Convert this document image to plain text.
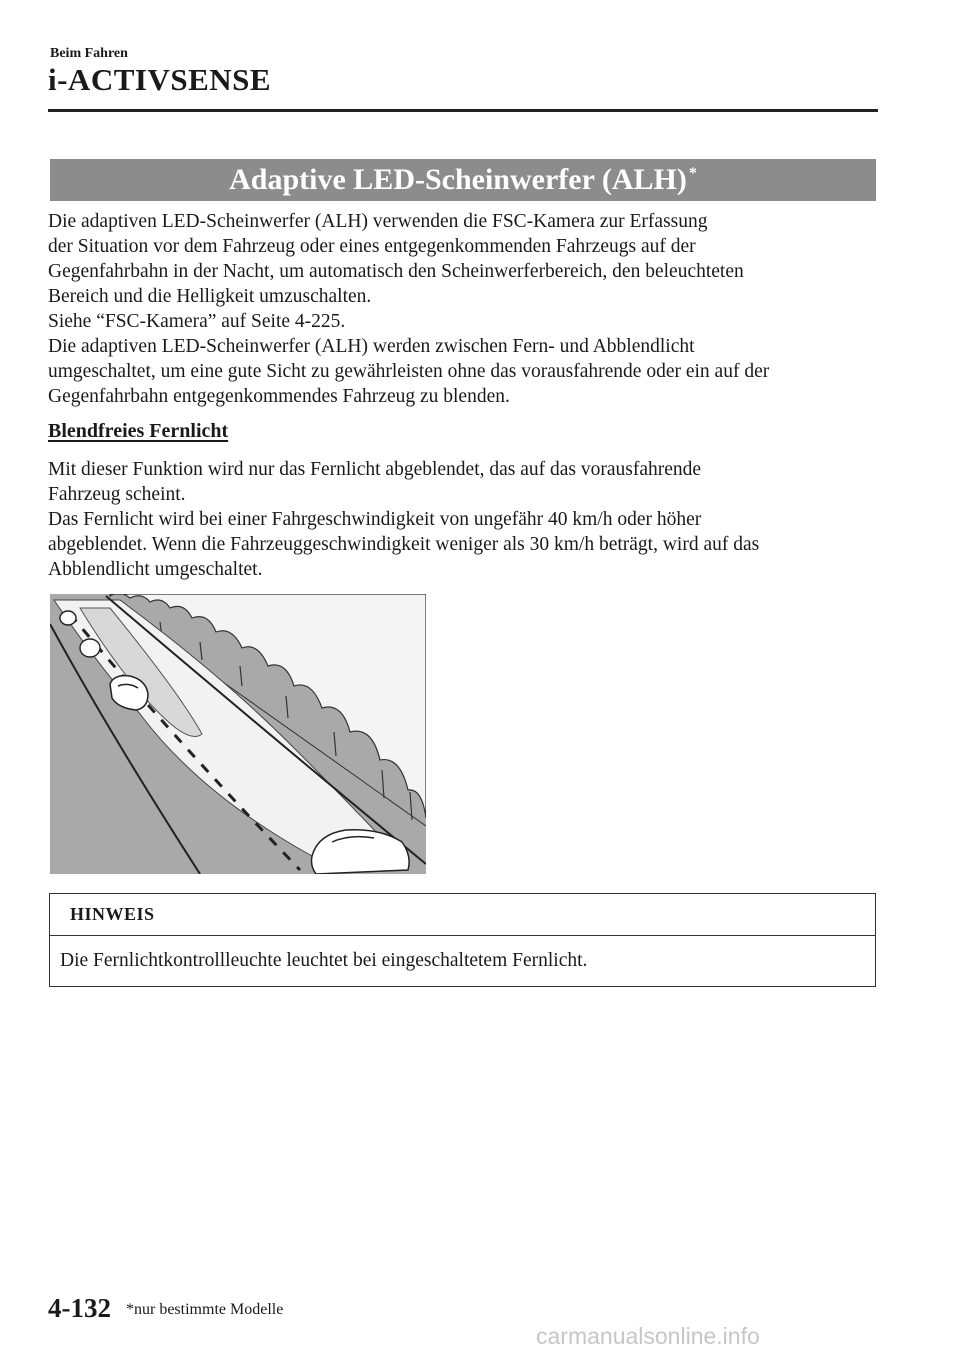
Beim Fahren
i-ACTIVSENSE
Adaptive LED-Scheinwerfer (ALH)*
Die adaptiven LED-Scheinwerfer (ALH) verwenden die FSC-Kamera zur Erfassung
der Situation vor dem Fahrzeug oder eines entgegenkommenden Fahrzeugs auf der
Gegenfahrbahn in der Nacht, um automatisch den Scheinwerferbereich, den beleuchteten
Bereich und die Helligkeit umzuschalten.
Siehe “FSC-Kamera” auf Seite 4-225.
Die adaptiven LED-Scheinwerfer (ALH) werden zwischen Fern- und Abblendlicht
umgeschaltet, um eine gute Sicht zu gewährleisten ohne das vorausfahrende oder ein auf der
Gegenfahrbahn entgegenkommendes Fahrzeug zu blenden.
Blendfreies Fernlicht
Mit dieser Funktion wird nur das Fernlicht abgeblendet, das auf das vorausfahrende
Fahrzeug scheint.
Das Fernlicht wird bei einer Fahrgeschwindigkeit von ungefähr 40 km/h oder höher
abgeblendet. Wenn die Fahrzeuggeschwindigkeit weniger als 30 km/h beträgt, wird auf das
Abblendlicht umgeschaltet.
HINWEIS
Die Fernlichtkontrollleuchte leuchtet bei eingeschaltetem Fernlicht.
4-132 *nur bestimmte Modelle
carmanualsonline.info
